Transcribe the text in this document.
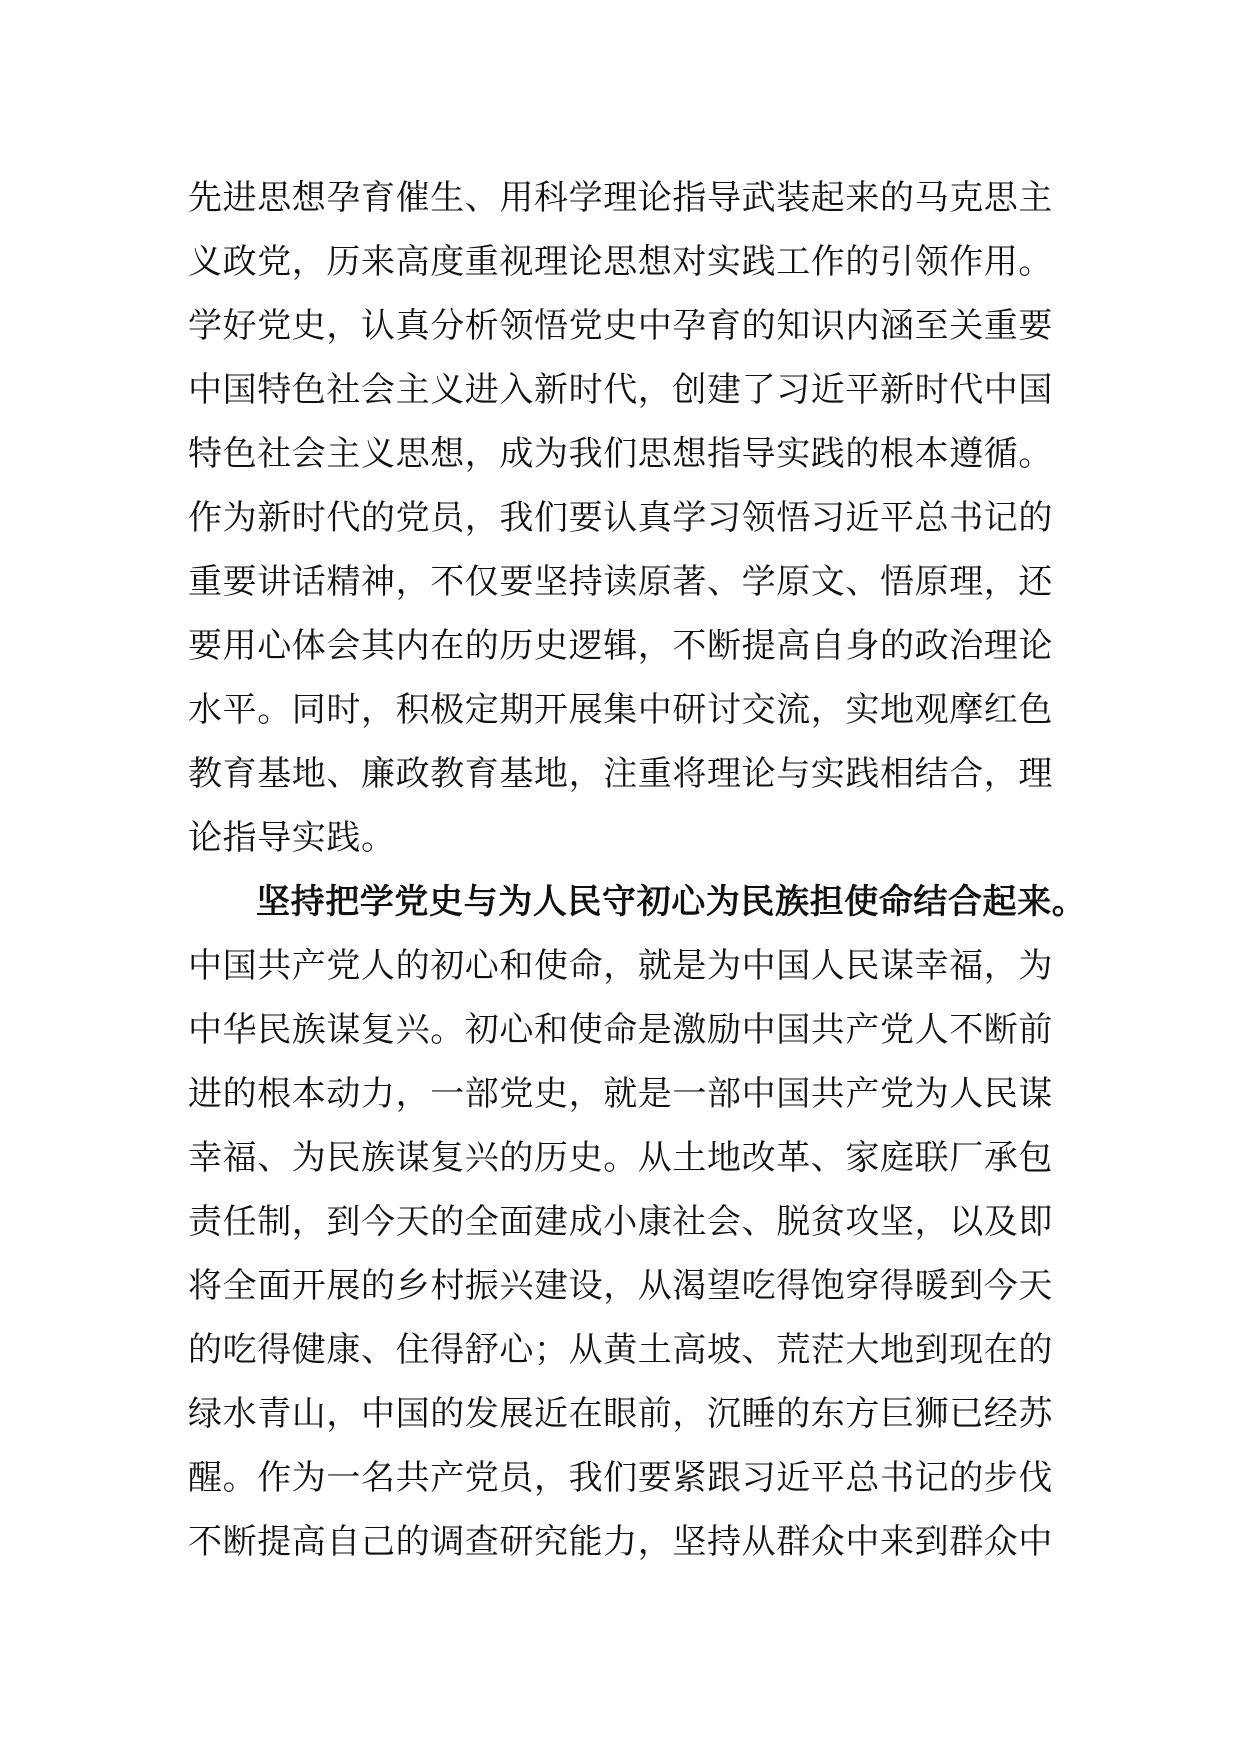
先进思想孕育催生、用科学理论指导武装起来的马克思主
义政党，历来高度重视理论思想对实践工作的引领作用。
学好党史，认真分析领悟党史中孕育的知识内涵至关重要
中国特色社会主义进入新时代，创建了习近平新时代中国
特色社会主义思想，成为我们思想指导实践的根本遵循。
作为新时代的党员，我们要认真学习领悟习近平总书记的
重要讲话精神，不仅要坚持读原著、学原文、悟原理，还
要用心体会其内在的历史逻辑，不断提高自身的政治理论
水平。同时，积极定期开展集中研讨交流，实地观摩红色
教育基地、廉政教育基地，注重将理论与实践相结合，理
论指导实践。
坚持把学党史与为人民守初心为民族担使命结合起来。
中国共产党人的初心和使命，就是为中国人民谋幸福，为
中华民族谋复兴。初心和使命是激励中国共产党人不断前
进的根本动力，一部党史，就是一部中国共产党为人民谋
幸福、为民族谋复兴的历史。从土地改革、家庭联厂承包
责任制，到今天的全面建成小康社会、脱贫攻坚，以及即
将全面开展的乡村振兴建设，从渴望吃得饱穿得暖到今天
的吃得健康、住得舒心；从黄土高坡、荒茫大地到现在的
绿水青山，中国的发展近在眼前，沉睡的东方巨狮已经苏
醒。作为一名共产党员，我们要紧跟习近平总书记的步伐
不断提高自己的调查研究能力，坚持从群众中来到群众中
